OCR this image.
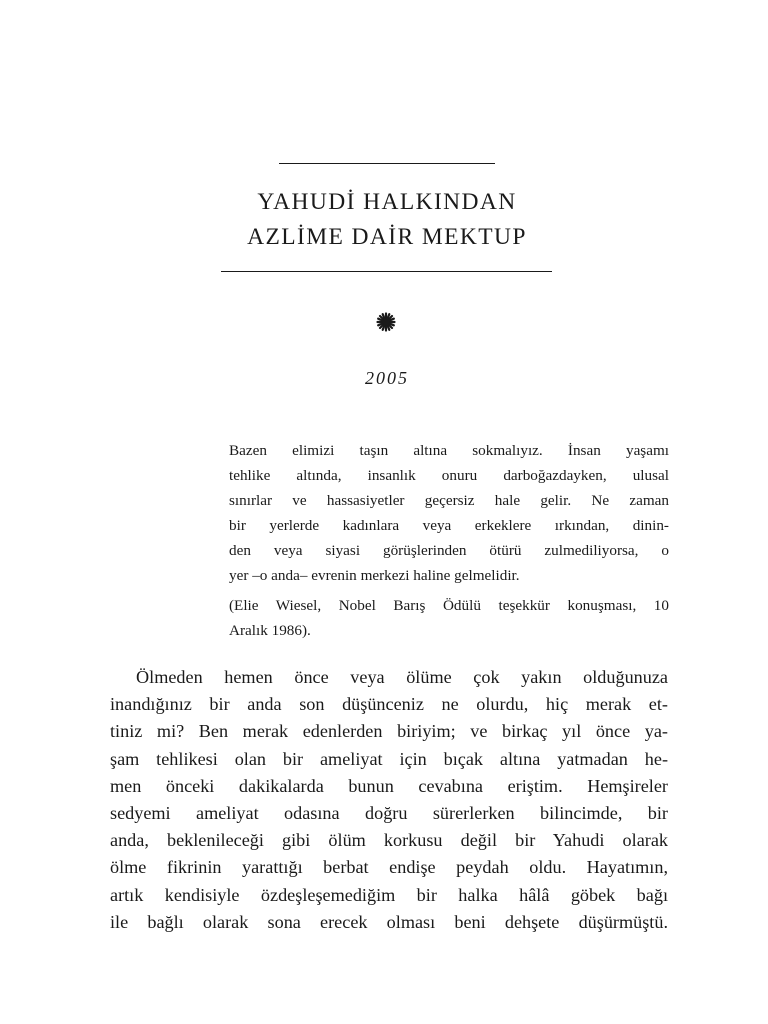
YAHUDİ HALKINDAN
AZLİME DAİR MEKTUP
2005
Bazen elimizi taşın altına sokmalıyız. İnsan yaşamı
tehlike altında, insanlık onuru darboğazdayken, ulusal
sınırlar ve hassasiyetler geçersiz hale gelir. Ne zaman
bir yerlerde kadınlara veya erkeklere ırkından, dinin-
den veya siyasi görüşlerinden ötürü zulmediliyorsa, o
yer –o anda– evrenin merkezi haline gelmelidir.
(Elie Wiesel, Nobel Barış Ödülü teşekkür konuşması, 10
Aralık 1986).
Ölmeden hemen önce veya ölüme çok yakın olduğunuza
inandığınız bir anda son düşünceniz ne olurdu, hiç merak et-
tiniz mi? Ben merak edenlerden biriyim; ve birkaç yıl önce ya-
şam tehlikesi olan bir ameliyat için bıçak altına yatmadan he-
men önceki dakikalarda bunun cevabına eriştim. Hemşireler
sedyemi ameliyat odasına doğru sürerlerken bilincimde, bir
anda, beklenileceği gibi ölüm korkusu değil bir Yahudi olarak
ölme fikrinin yarattığı berbat endişe peydah oldu. Hayatımın,
artık kendisiyle özdeşleşemediğim bir halka hâlâ göbek bağı
ile bağlı olarak sona erecek olması beni dehşete düşürmüştü.
